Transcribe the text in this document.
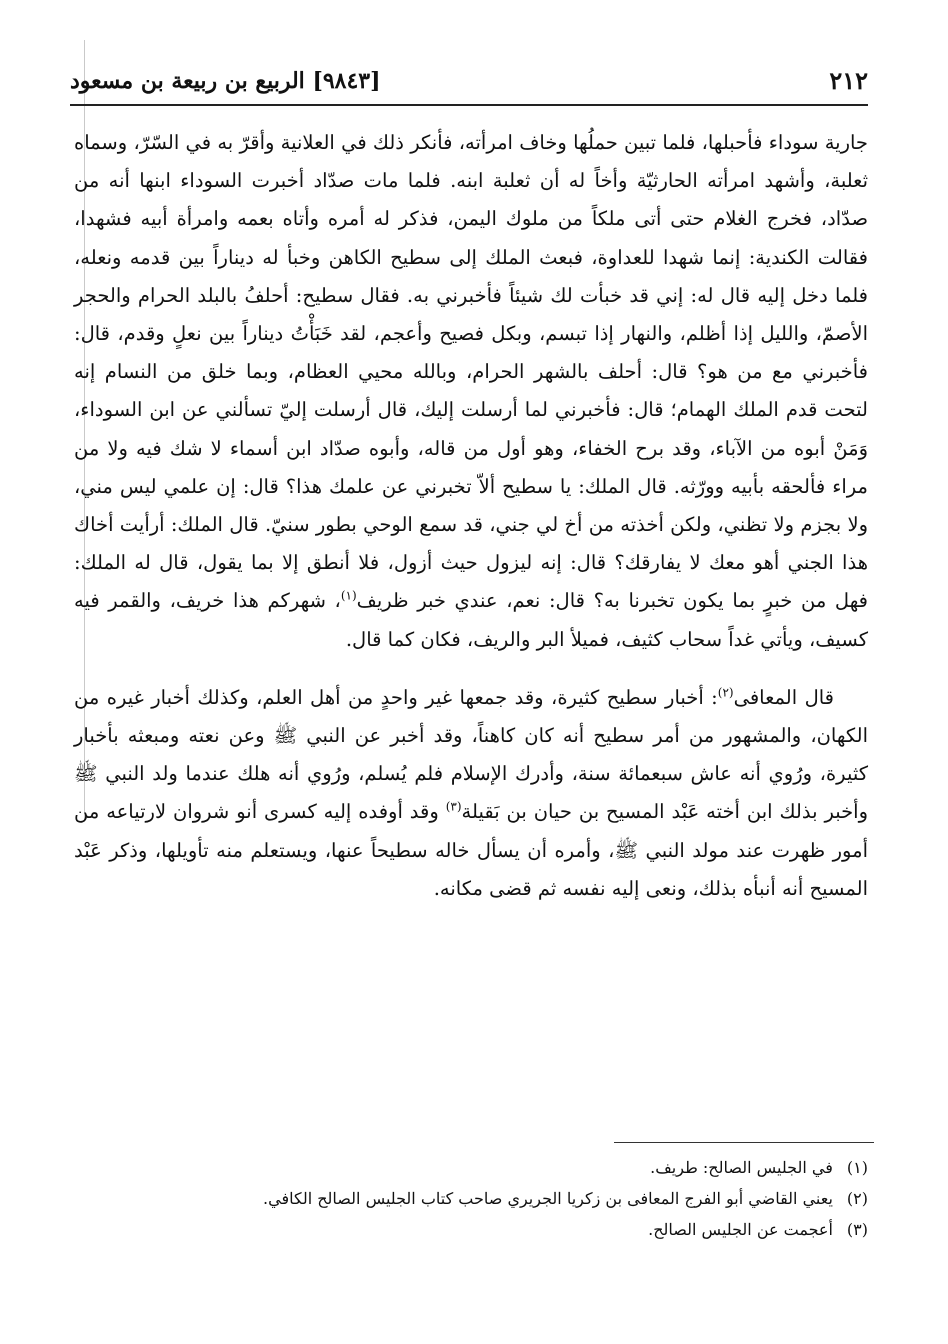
٢١٢
[٩٨٤٣] الربيع بن ربيعة بن مسعود

جارية سوداء فأحبلها، فلما تبين حملُها وخاف امرأته، فأنكر ذلك في العلانية وأقرّ به في السّرّ، وسماه ثعلبة، وأشهد امرأته الحارثيّة وأخاً له أن ثعلبة ابنه. فلما مات صدّاد أخبرت السوداء ابنها أنه من صدّاد، فخرج الغلام حتى أتى ملكاً من ملوك اليمن، فذكر له أمره وأتاه بعمه وامرأة أبيه فشهدا، فقالت الكندية: إنما شهدا للعداوة، فبعث الملك إلى سطيح الكاهن وخبأ له ديناراً بين قدمه ونعله، فلما دخل إليه قال له: إني قد خبأت لك شيئاً فأخبرني به. فقال سطيح: أحلفُ بالبلد الحرام والحجر الأصمّ، والليل إذا أظلم، والنهار إذا تبسم، وبكل فصيح وأعجم، لقد خَبَأْتُ ديناراً بين نعلٍ وقدم، قال: فأخبرني مع من هو؟ قال: أحلف بالشهر الحرام، وبالله محيي العظام، وبما خلق من النسام إنه لتحت قدم الملك الهمام؛ قال: فأخبرني لما أرسلت إليك، قال أرسلت إليّ تسألني عن ابن السوداء، وَمَنْ أبوه من الآباء، وقد برح الخفاء، وهو أول من قاله، وأبوه صدّاد ابن أسماء لا شك فيه ولا من مراء فألحقه بأبيه وورّثه. قال الملك: يا سطيح ألاّ تخبرني عن علمك هذا؟ قال: إن علمي ليس مني، ولا بجزم ولا تظني، ولكن أخذته من أخ لي جني، قد سمع الوحي بطور سنيّ. قال الملك: أرأيت أخاك هذا الجني أهو معك لا يفارقك؟ قال: إنه ليزول حيث أزول، فلا أنطق إلا بما يقول، قال له الملك: فهل من خبرٍ بما يكون تخبرنا به؟ قال: نعم، عندي خبر ظريف$^{(١)}$، شهركم هذا خريف، والقمر فيه كسيف، ويأتي غداً سحاب كثيف، فميلأ البر والريف، فكان كما قال.

قال المعافى$^{(٢)}$: أخبار سطيح كثيرة، وقد جمعها غير واحدٍ من أهل العلم، وكذلك أخبار غيره من الكهان، والمشهور من أمر سطيح أنه كان كاهناً، وقد أخبر عن النبي ﷺ وعن نعته ومبعثه بأخبار كثيرة، ورُوي أنه عاش سبعمائة سنة، وأدرك الإسلام فلم يُسلم، ورُوي أنه هلك عندما ولد النبي ﷺ وأخبر بذلك ابن أخته عَبْد المسيح بن حيان بن بَقيلة$^{(٣)}$ وقد أوفده إليه كسرى أنو شروان لارتياعه من أمور ظهرت عند مولد النبي ﷺ، وأمره أن يسأل خاله سطيحاً عنها، ويستعلم منه تأويلها، وذكر عَبْد المسيح أنه أنبأه بذلك، ونعى إليه نفسه ثم قضى مكانه.

(١)في الجليس الصالح: طريف.
(٢)يعني القاضي أبو الفرج المعافى بن زكريا الجريري صاحب كتاب الجليس الصالح الكافي.
(٣)أعجمت عن الجليس الصالح.
